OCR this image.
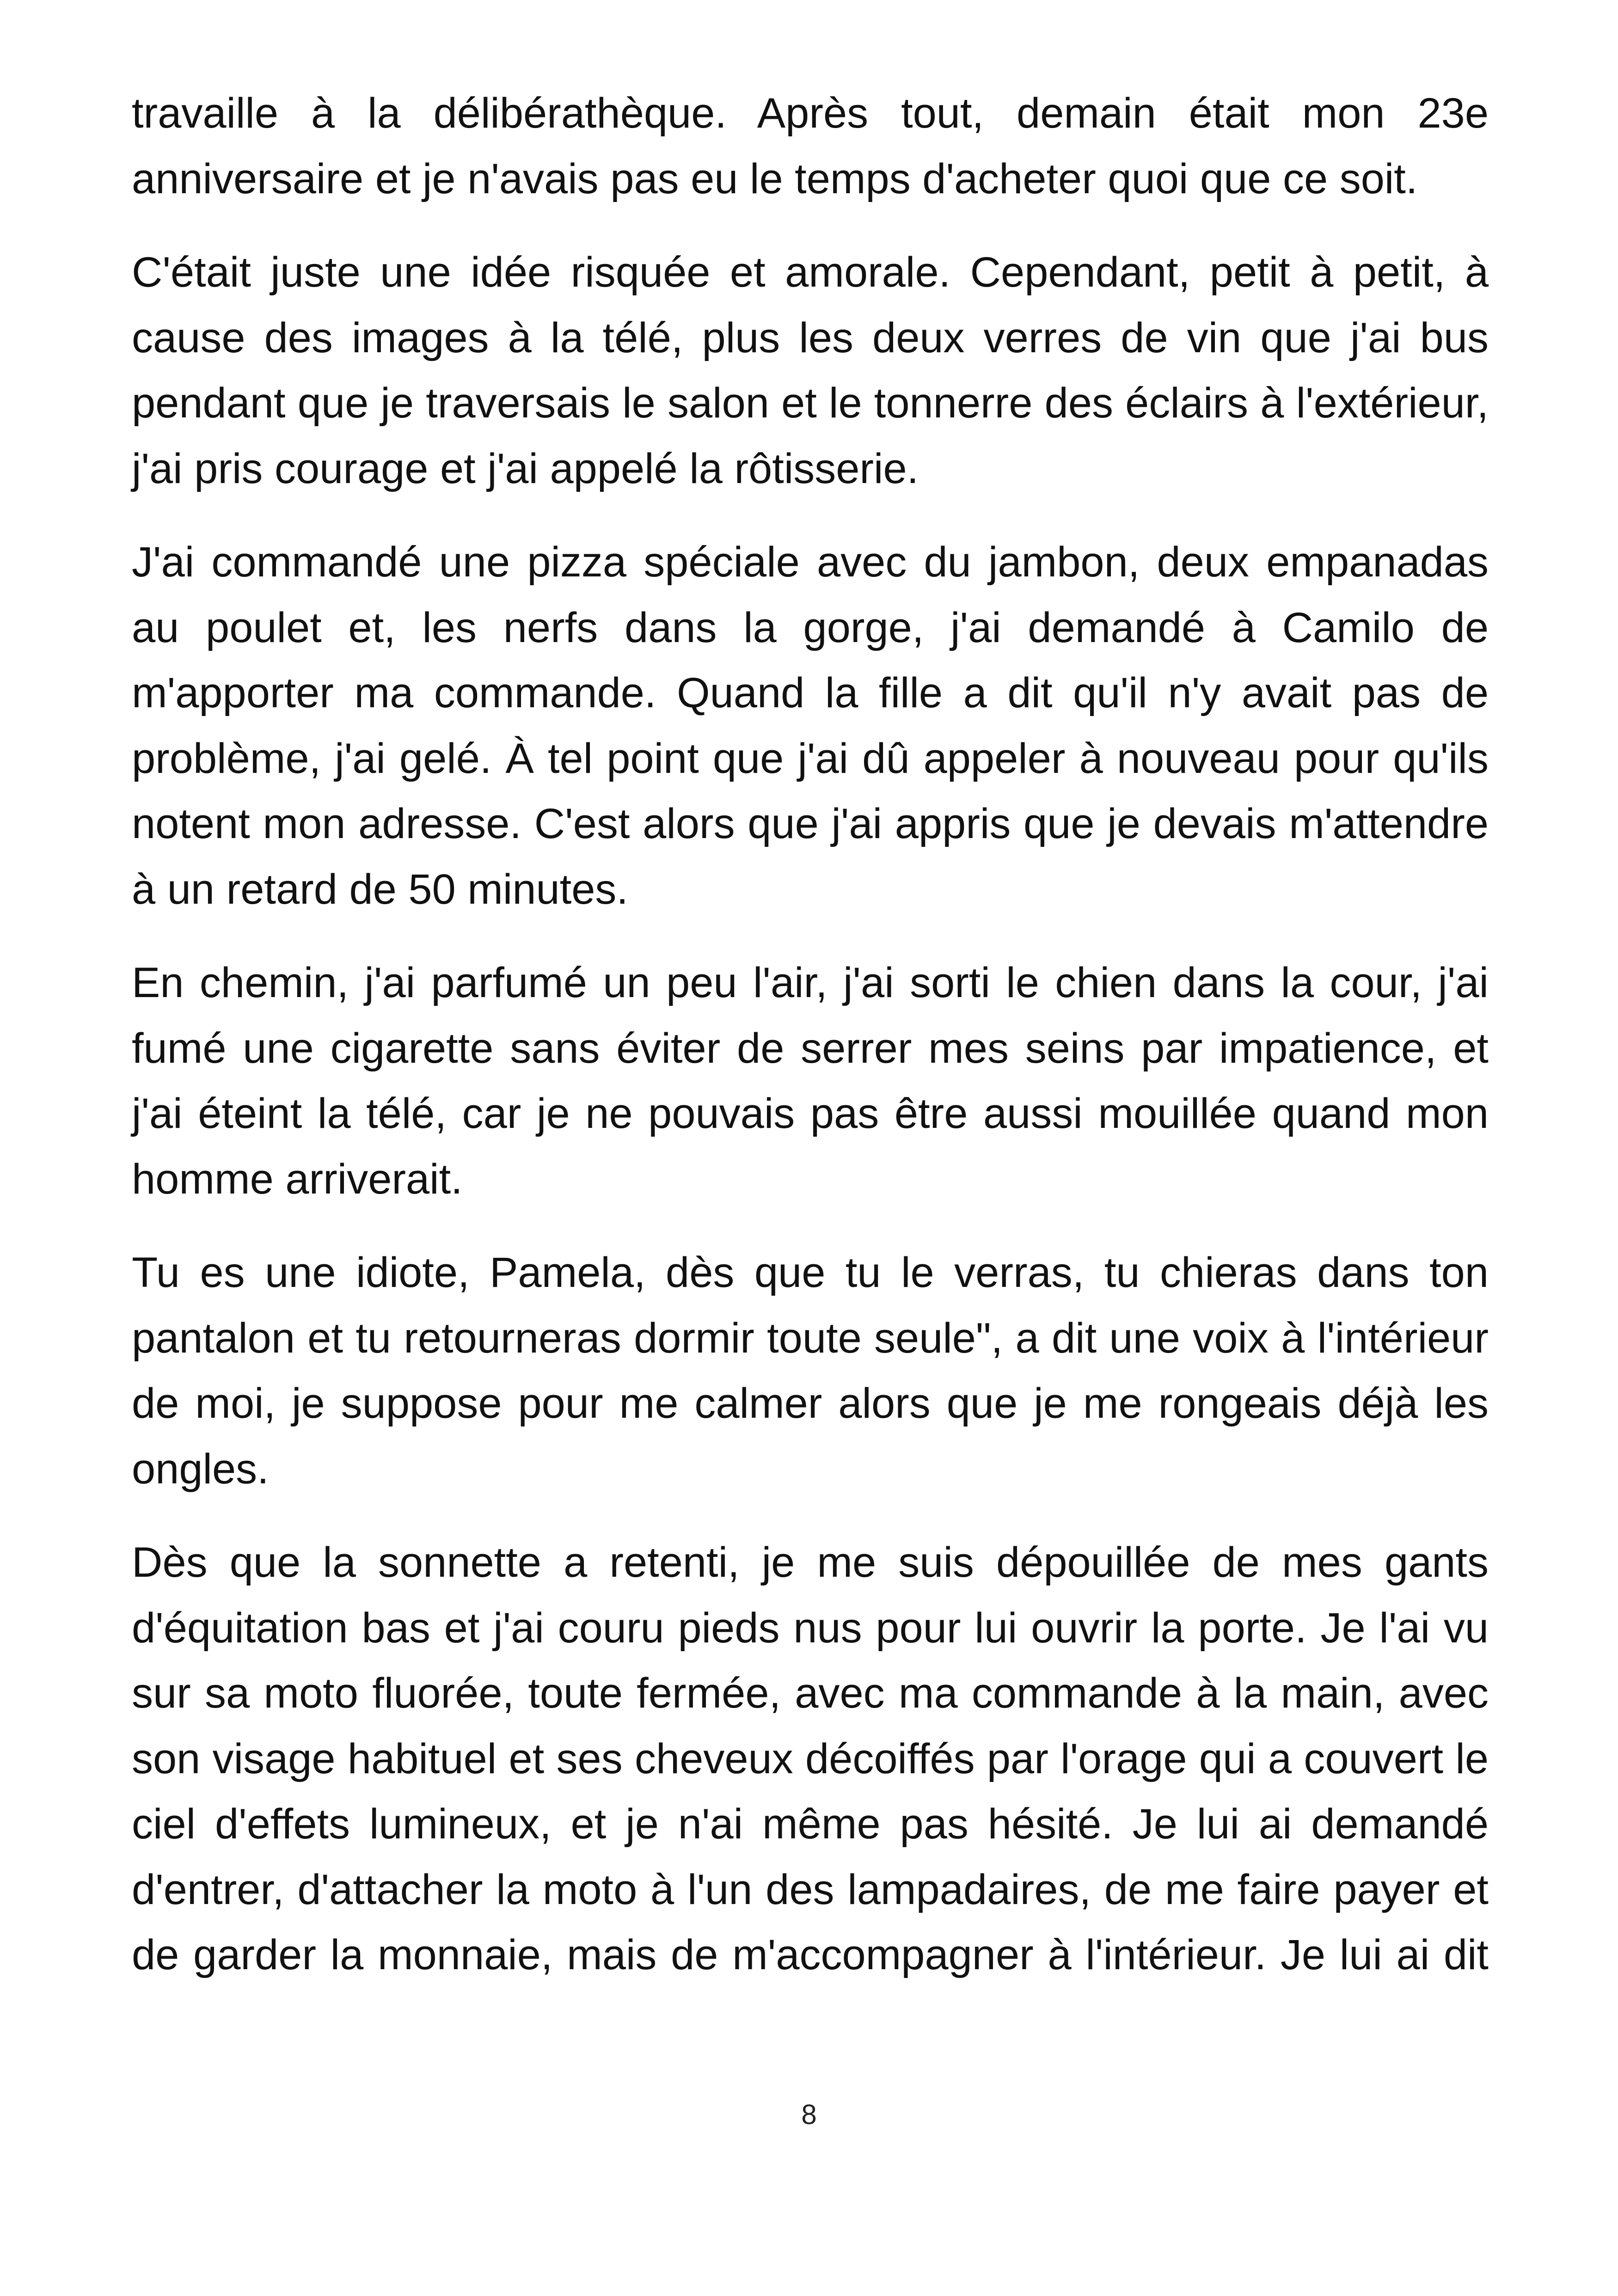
travaille à la délibérathèque. Après tout, demain était mon 23e anniversaire et je n'avais pas eu le temps d'acheter quoi que ce soit.

C'était juste une idée risquée et amorale. Cependant, petit à petit, à cause des images à la télé, plus les deux verres de vin que j'ai bus pendant que je traversais le salon et le tonnerre des éclairs à l'extérieur, j'ai pris courage et j'ai appelé la rôtisserie.

J'ai commandé une pizza spéciale avec du jambon, deux empanadas au poulet et, les nerfs dans la gorge, j'ai demandé à Camilo de m'apporter ma commande. Quand la fille a dit qu'il n'y avait pas de problème, j'ai gelé. À tel point que j'ai dû appeler à nouveau pour qu'ils notent mon adresse. C'est alors que j'ai appris que je devais m'attendre à un retard de 50 minutes.

En chemin, j'ai parfumé un peu l'air, j'ai sorti le chien dans la cour, j'ai fumé une cigarette sans éviter de serrer mes seins par impatience, et j'ai éteint la télé, car je ne pouvais pas être aussi mouillée quand mon homme arriverait.

Tu es une idiote, Pamela, dès que tu le verras, tu chieras dans ton pantalon et tu retourneras dormir toute seule", a dit une voix à l'intérieur de moi, je suppose pour me calmer alors que je me rongeais déjà les ongles.

Dès que la sonnette a retenti, je me suis dépouillée de mes gants d'équitation bas et j'ai couru pieds nus pour lui ouvrir la porte. Je l'ai vu sur sa moto fluorée, toute fermée, avec ma commande à la main, avec son visage habituel et ses cheveux décoiffés par l'orage qui a couvert le ciel d'effets lumineux, et je n'ai même pas hésité. Je lui ai demandé d'entrer, d'attacher la moto à l'un des lampadaires, de me faire payer et de garder la monnaie, mais de m'accompagner à l'intérieur. Je lui ai dit

8
